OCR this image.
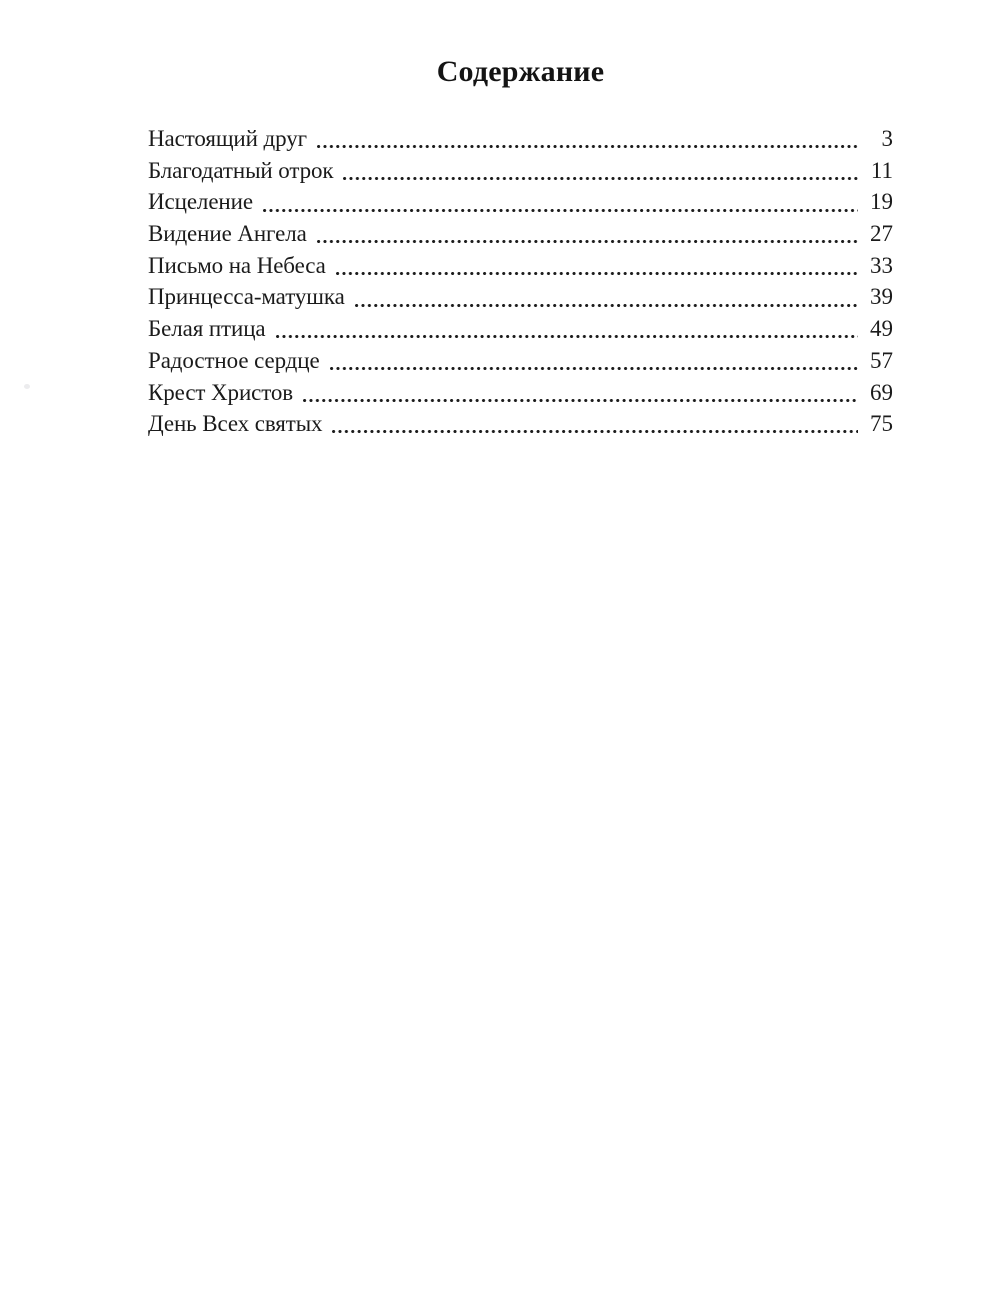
Содержание
Настоящий друг	3
Благодатный отрок	11
Исцеление	19
Видение Ангела	27
Письмо на Небеса	33
Принцесса-матушка	39
Белая птица	49
Радостное сердце	57
Крест Христов	69
День Всех святых	75
